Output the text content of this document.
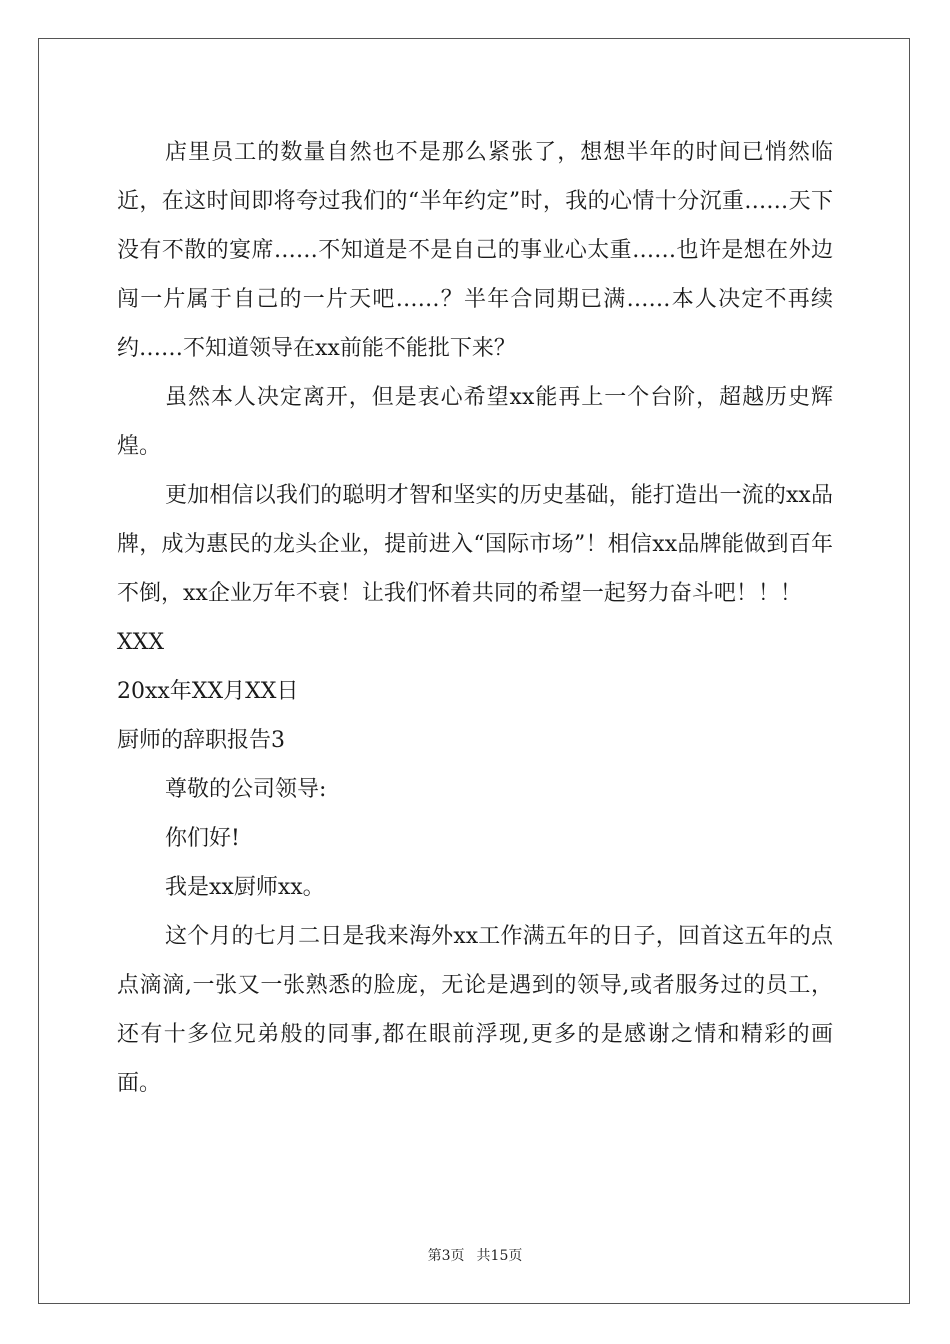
店里员工的数量自然也不是那么紧张了，想想半年的时间已悄然临近，在这时间即将夸过我们的“半年约定”时，我的心情十分沉重……天下没有不散的宴席……不知道是不是自己的事业心太重……也许是想在外边闯一片属于自己的一片天吧……？半年合同期已满……本人决定不再续约……不知道领导在xx前能不能批下来？

虽然本人决定离开，但是衷心希望xx能再上一个台阶，超越历史辉煌。

更加相信以我们的聪明才智和坚实的历史基础，能打造出一流的xx品牌，成为惠民的龙头企业，提前进入“国际市场”！相信xx品牌能做到百年不倒，xx企业万年不衰！让我们怀着共同的希望一起努力奋斗吧！！！

XXX

20xx年XX月XX日

厨师的辞职报告3

尊敬的公司领导:

你们好!

我是xx厨师xx。

这个月的七月二日是我来海外xx工作满五年的日子，回首这五年的点点滴滴,一张又一张熟悉的脸庞，无论是遇到的领导,或者服务过的员工，还有十多位兄弟般的同事,都在眼前浮现,更多的是感谢之情和精彩的画面。

第3页 共15页
